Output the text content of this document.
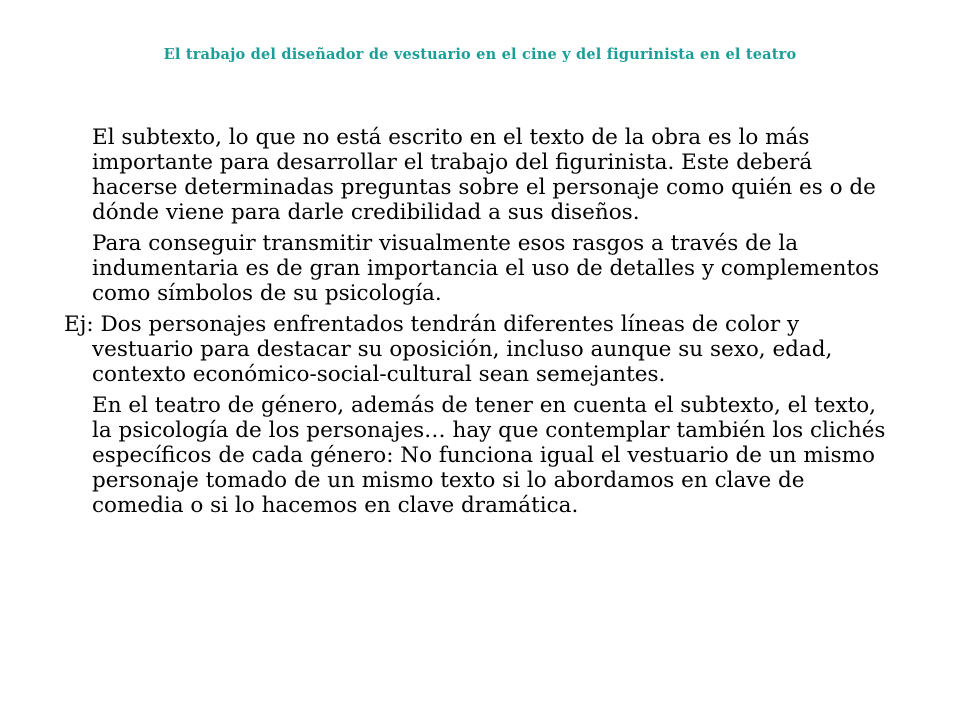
El trabajo del diseñador de vestuario en el cine y del figurinista en el teatro

El subtexto, lo que no está escrito en el texto de la obra es lo más importante para desarrollar el trabajo del figurinista. Este deberá hacerse determinadas preguntas sobre el personaje como quién es o de dónde viene para darle credibilidad a sus diseños.

Para conseguir transmitir visualmente esos rasgos a través de la indumentaria es de gran importancia el uso de detalles y complementos como símbolos de su psicología.

Ej: Dos personajes enfrentados tendrán diferentes líneas de color y vestuario para destacar su oposición, incluso aunque su sexo, edad, contexto económico-social-cultural sean semejantes.

En el teatro de género, además de tener en cuenta el subtexto, el texto, la psicología de los personajes… hay que contemplar también los clichés específicos de cada género: No funciona igual el vestuario de un mismo personaje tomado de un mismo texto si lo abordamos en clave de comedia o si lo hacemos en clave dramática.
